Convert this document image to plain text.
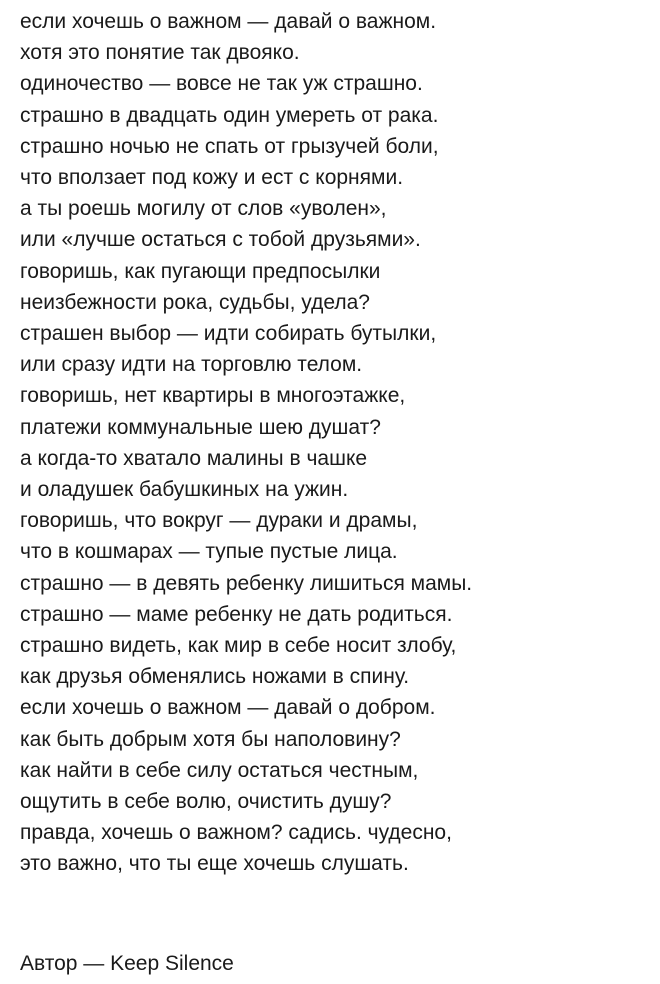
если хочешь о важном — давай о важном.
хотя это понятие так двояко.
одиночество — вовсе не так уж страшно.
страшно в двадцать один умереть от рака.
страшно ночью не спать от грызучей боли,
что вползает под кожу и ест с корнями.
а ты роешь могилу от слов «уволен»,
или «лучше остаться с тобой друзьями».
говоришь, как пугающи предпосылки
неизбежности рока, судьбы, удела?
страшен выбор — идти собирать бутылки,
или сразу идти на торговлю телом.
говоришь, нет квартиры в многоэтажке,
платежи коммунальные шею душат?
а когда-то хватало малины в чашке
и оладушек бабушкиных на ужин.
говоришь, что вокруг — дураки и драмы,
что в кошмарах — тупые пустые лица.
страшно — в девять ребенку лишиться мамы.
страшно — маме ребенку не дать родиться.
страшно видеть, как мир в себе носит злобу,
как друзья обменялись ножами в спину.
если хочешь о важном — давай о добром.
как быть добрым хотя бы наполовину?
как найти в себе силу остаться честным,
ощутить в себе волю, очистить душу?
правда, хочешь о важном? садись. чудесно,
это важно, что ты еще хочешь слушать.
Автор — Keep Silence
